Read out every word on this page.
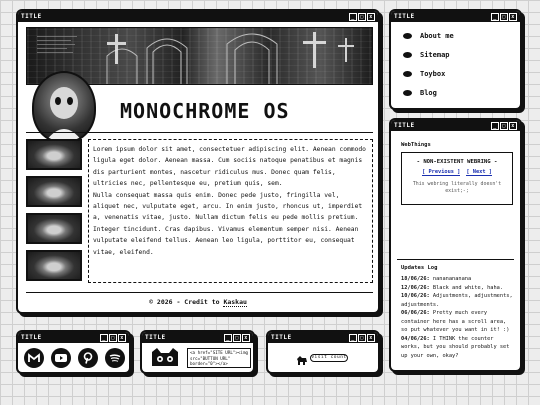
TITLE	_	□	x
MONOCHROME OS

Lorem ipsum dolor sit amet, consectetuer adipiscing elit. Aenean commodo ligula eget dolor. Aenean massa. Cum sociis natoque penatibus et magnis dis parturient montes, nascetur ridiculus mus. Donec quam felis, ultricies nec, pellentesque eu, pretium quis, sem.

Nulla consequat massa quis enim. Donec pede justo, fringilla vel, aliquet nec, vulputate eget, arcu. In enim justo, rhoncus ut, imperdiet a, venenatis vitae, justo. Nullam dictum felis eu pede mollis pretium. Integer tincidunt. Cras dapibus. Vivamus elementum semper nisi. Aenean vulputate eleifend tellus. Aenean leo ligula, porttitor eu, consequat vitae, eleifend.

© 2026 - Credit to Kaskau
TITLE	_	□	x
About me
Sitemap
Toybox
Blog
TITLE	_	□	x
WebThings
- NON-EXISTENT WEBRING -
[ Previous ] [ Next ]
This webring literally doesn't exist;-;
Updates Log
18/06/26: nananananana
12/06/26: Black and white, haha.
10/06/26: Adjustments, adjustments, adjustments.
06/06/26: Pretty much every container here has a scroll area, so put whatever you want in it! :)
04/06/26: I THINK the counter works, but you should probably set up your own, okay?
TITLE	_	□	x	TITLE	_	□	x
<a href="SITE URL"><img src="BUTTON URL" border="0"></a>
TITLE	_	□	x
visit count
